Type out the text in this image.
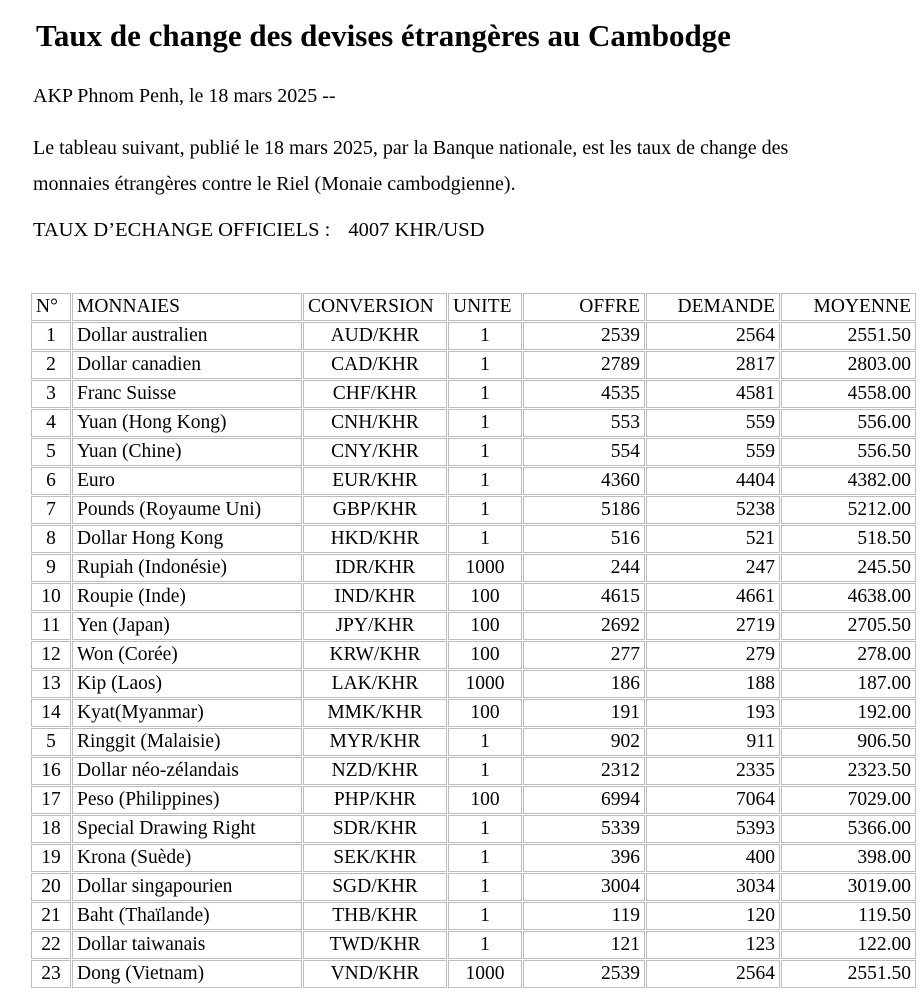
Taux de change des devises étrangères au Cambodge

AKP Phnom Penh, le 18 mars 2025 --

Le tableau suivant, publié le 18 mars 2025, par la Banque nationale, est les taux de change des
monnaies étrangères contre le Riel (Monaie cambodgienne).

TAUX D’ECHANGE OFFICIELS : 4007 KHR/USD

N°	MONNAIES	CONVERSION	UNITE	OFFRE	DEMANDE	MOYENNE
1	Dollar australien	AUD/KHR	1	2539	2564	2551.50
2	Dollar canadien	CAD/KHR	1	2789	2817	2803.00
3	Franc Suisse	CHF/KHR	1	4535	4581	4558.00
4	Yuan (Hong Kong)	CNH/KHR	1	553	559	556.00
5	Yuan (Chine)	CNY/KHR	1	554	559	556.50
6	Euro	EUR/KHR	1	4360	4404	4382.00
7	Pounds (Royaume Uni)	GBP/KHR	1	5186	5238	5212.00
8	Dollar Hong Kong	HKD/KHR	1	516	521	518.50
9	Rupiah (Indonésie)	IDR/KHR	1000	244	247	245.50
10	Roupie (Inde)	IND/KHR	100	4615	4661	4638.00
11	Yen (Japan)	JPY/KHR	100	2692	2719	2705.50
12	Won (Corée)	KRW/KHR	100	277	279	278.00
13	Kip (Laos)	LAK/KHR	1000	186	188	187.00
14	Kyat(Myanmar)	MMK/KHR	100	191	193	192.00
5	Ringgit (Malaisie)	MYR/KHR	1	902	911	906.50
16	Dollar néo-zélandais	NZD/KHR	1	2312	2335	2323.50
17	Peso (Philippines)	PHP/KHR	100	6994	7064	7029.00
18	Special Drawing Right	SDR/KHR	1	5339	5393	5366.00
19	Krona (Suède)	SEK/KHR	1	396	400	398.00
20	Dollar singapourien	SGD/KHR	1	3004	3034	3019.00
21	Baht (Thaïlande)	THB/KHR	1	119	120	119.50
22	Dollar taiwanais	TWD/KHR	1	121	123	122.00
23	Dong (Vietnam)	VND/KHR	1000	2539	2564	2551.50
